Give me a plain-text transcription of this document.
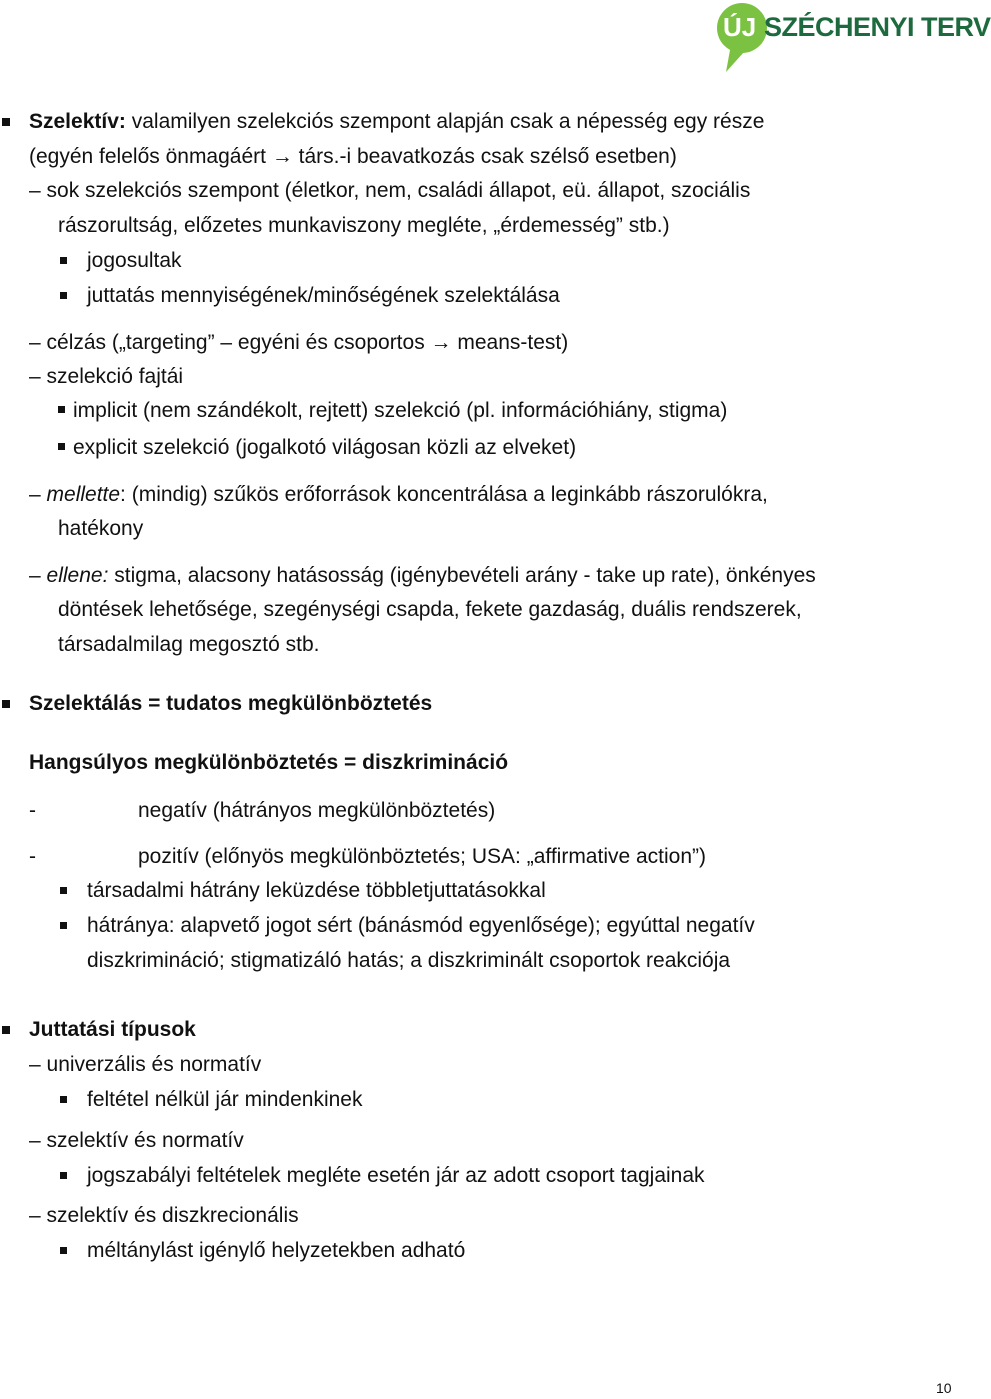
ÚJ SZÉCHENYI TERV
Szelektív: valamilyen szelekciós szempont alapján csak a népesség egy része
(egyén felelős önmagáért → társ.-i beavatkozás csak szélső esetben)
– sok szelekciós szempont (életkor, nem, családi állapot, eü. állapot, szociális
rászorultság, előzetes munkaviszony megléte, „érdemesség” stb.)
jogosultak
juttatás mennyiségének/minőségének szelektálása
– célzás („targeting” – egyéni és csoportos → means-test)
– szelekció fajtái
implicit (nem szándékolt, rejtett) szelekció (pl. információhiány, stigma)
explicit szelekció (jogalkotó világosan közli az elveket)
– mellette: (mindig) szűkös erőforrások koncentrálása a leginkább rászorulókra,
hatékony
– ellene: stigma, alacsony hatásosság (igénybevételi arány - take up rate), önkényes
döntések lehetősége, szegénységi csapda, fekete gazdaság, duális rendszerek,
társadalmilag megosztó stb.
Szelektálás = tudatos megkülönböztetés
Hangsúlyos megkülönböztetés = diszkrimináció
-	negatív (hátrányos megkülönböztetés)
-	pozitív (előnyös megkülönböztetés; USA: „affirmative action”)
társadalmi hátrány leküzdése többletjuttatásokkal
hátránya: alapvető jogot sért (bánásmód egyenlősége); egyúttal negatív
diszkrimináció; stigmatizáló hatás; a diszkriminált csoportok reakciója
Juttatási típusok
– univerzális és normatív
feltétel nélkül jár mindenkinek
– szelektív és normatív
jogszabályi feltételek megléte esetén jár az adott csoport tagjainak
– szelektív és diszkrecionális
méltánylást igénylő helyzetekben adható
10
